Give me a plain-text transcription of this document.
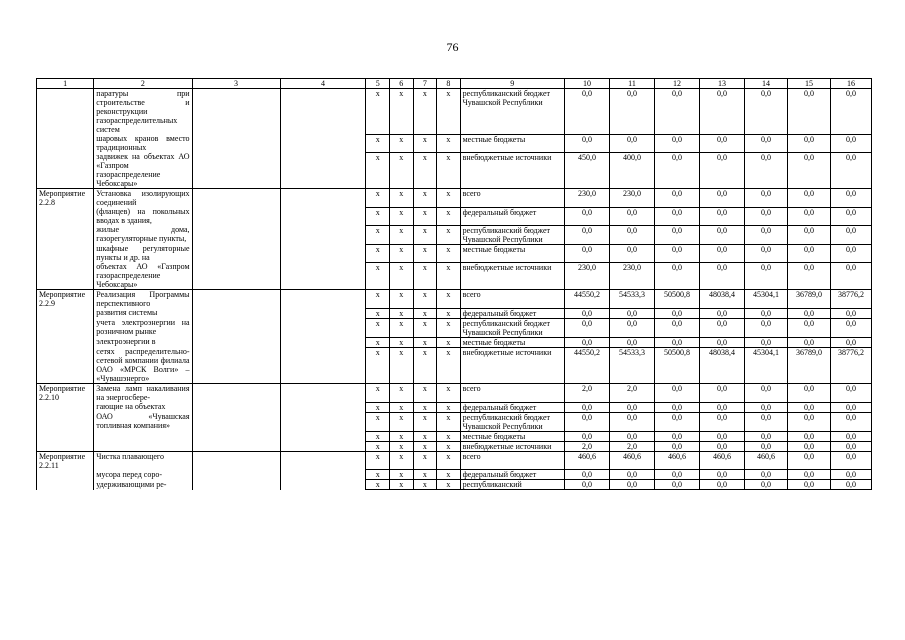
76
1	2	3	4	5	6	7	8	9	10	11	12	13	14	15	16
	паратуры при строительстве и реконструкции газораспределительных систем			x	x	x	x	республиканский бюджет Чувашской Республики	0,0	0,0	0,0	0,0	0,0	0,0	0,0
	шаровых кранов вместо традиционных			x	x	x	x	местные бюджеты	0,0	0,0	0,0	0,0	0,0	0,0	0,0
	задвижек на объектах АО «Газпром газораспределение Чебоксары»			x	x	x	x	внебюджетные источники	450,0	400,0	0,0	0,0	0,0	0,0	0,0
Мероприятие 2.2.8	Установка изолирующих соединений			x	x	x	x	всего	230,0	230,0	0,0	0,0	0,0	0,0	0,0
	(фланцев) на покольных вводах в здания,			x	x	x	x	федеральный бюджет	0,0	0,0	0,0	0,0	0,0	0,0	0,0
	жилые дома, газорегуляторные пункты,			x	x	x	x	республиканский бюджет Чувашской Республики	0,0	0,0	0,0	0,0	0,0	0,0	0,0
	шкафные регуляторные пункты и др. на			x	x	x	x	местные бюджеты	0,0	0,0	0,0	0,0	0,0	0,0	0,0
	объектах АО «Газпром газораспределение Чебоксары»			x	x	x	x	внебюджетные источники	230,0	230,0	0,0	0,0	0,0	0,0	0,0
Мероприятие 2.2.9	Реализация Программы перспективного			x	x	x	x	всего	44550,2	54533,3	50500,8	48038,4	45304,1	36789,0	38776,2
	развития системы			x	x	x	x	федеральный бюджет	0,0	0,0	0,0	0,0	0,0	0,0	0,0
	учета электроэнергии на розничном рынке			x	x	x	x	республиканский бюджет Чувашской Республики	0,0	0,0	0,0	0,0	0,0	0,0	0,0
	электроэнергии в			x	x	x	x	местные бюджеты	0,0	0,0	0,0	0,0	0,0	0,0	0,0
	сетях распределительно-сетевой компании филиала ОАО «МРСК Волги» – «Чувашэнерго»			x	x	x	x	внебюджетные источники	44550,2	54533,3	50500,8	48038,4	45304,1	36789,0	38776,2
Мероприятие 2.2.10	Замена ламп накаливания на энергосбере-			x	x	x	x	всего	2,0	2,0	0,0	0,0	0,0	0,0	0,0
	гающие на объектах			x	x	x	x	федеральный бюджет	0,0	0,0	0,0	0,0	0,0	0,0	0,0
	ОАО «Чувашская топливная компания»			x	x	x	x	республиканский бюджет Чувашской Республики	0,0	0,0	0,0	0,0	0,0	0,0	0,0
				x	x	x	x	местные бюджеты	0,0	0,0	0,0	0,0	0,0	0,0	0,0
				x	x	x	x	внебюджетные источники	2,0	2,0	0,0	0,0	0,0	0,0	0,0
Мероприятие 2.2.11	Чистка плавающего			x	x	x	x	всего	460,6	460,6	460,6	460,6	460,6	0,0	0,0
	мусора перед соро-			x	x	x	x	федеральный бюджет	0,0	0,0	0,0	0,0	0,0	0,0	0,0
	удерживающими ре-			x	x	x	x	республиканский	0,0	0,0	0,0	0,0	0,0	0,0	0,0
